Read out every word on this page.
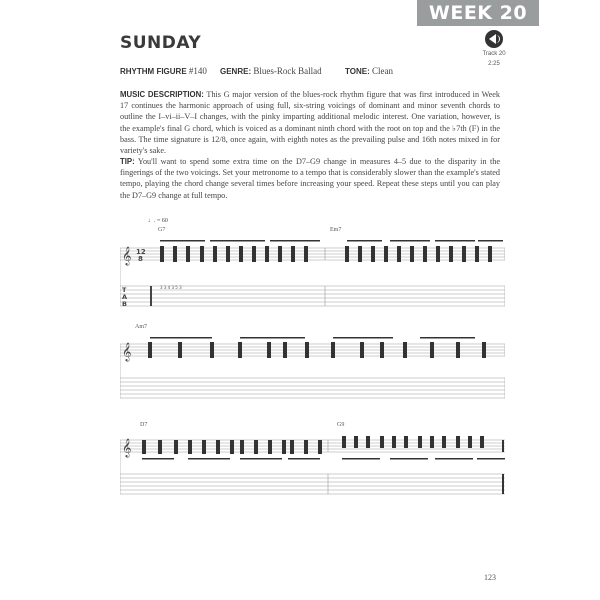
WEEK 20
SUNDAY
Track 20
2:25
RHYTHM FIGURE #140 GENRE: Blues-Rock Ballad	TONE: Clean
MUSIC DESCRIPTION: This G major version of the blues-rock rhythm figure that was first introduced in Week 17 continues the harmonic approach of using full, six-string voicings of dominant and minor seventh chords to outline the I–vi–ii–V–I changes, with the pinky imparting additional melodic interest. One variation, however, is the example's final G chord, which is voiced as a dominant ninth chord with the root on top and the ♭7th (F) in the bass. The time signature is 12/8, once again, with eighth notes as the prevailing pulse and 16th notes mixed in for variety's sake.
TIP: You'll want to spend some extra time on the D7–G9 change in measures 4–5 due to the disparity in the fingerings of the two voicings. Set your metronome to a tempo that is considerably slower than the example's stated tempo, playing the chord change several times before increasing your speed. Repeat these steps until you can play the D7–G9 change at full tempo.
♩. = 60
G7	Em7
𝄞 12
8
T
A
B
3 3 4 3 5 3
Am7
𝄞
D7	G9
𝄞
123
